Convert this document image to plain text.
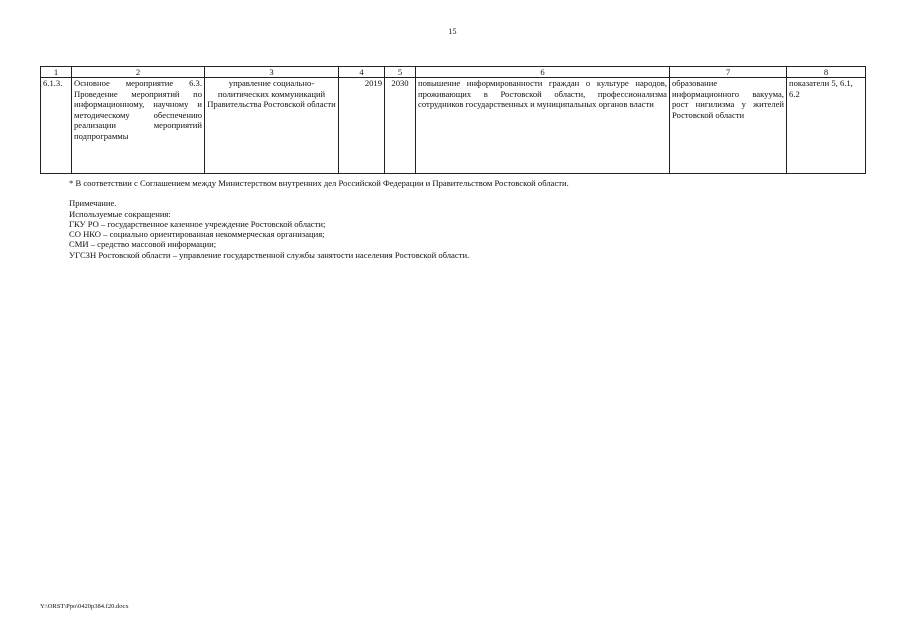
15
1	2	3	4	5	6	7	8
6.1.3.	Основное мероприятие 6.3. Проведение мероприятий по информационному, научному и методическому обеспечению реализации мероприятий подпрограммы	управление социально-политических коммуникаций Правительства Ростовской области	2019	2030	повышение информированности граждан о культуре народов, проживающих в Ростовской области, профессионализма сотрудников государственных и муниципальных органов власти	образование информационного вакуума, рост нигилизма у жителей Ростовской области	показатели 5, 6.1, 6.2

* В соответствии с Соглашением между Министерством внутренних дел Российской Федерации и Правительством Ростовской области.

Примечание.

Используемые сокращения:

ГКУ РО – государственное казенное учреждение Ростовской области;

СО НКО – социально ориентированная некоммерческая организация;

СМИ – средство массовой информации;

УГСЗН Ростовской области – управление государственной службы занятости населения Ростовской области.

Y:\ORST\Ppo\0420p384.f20.docx
